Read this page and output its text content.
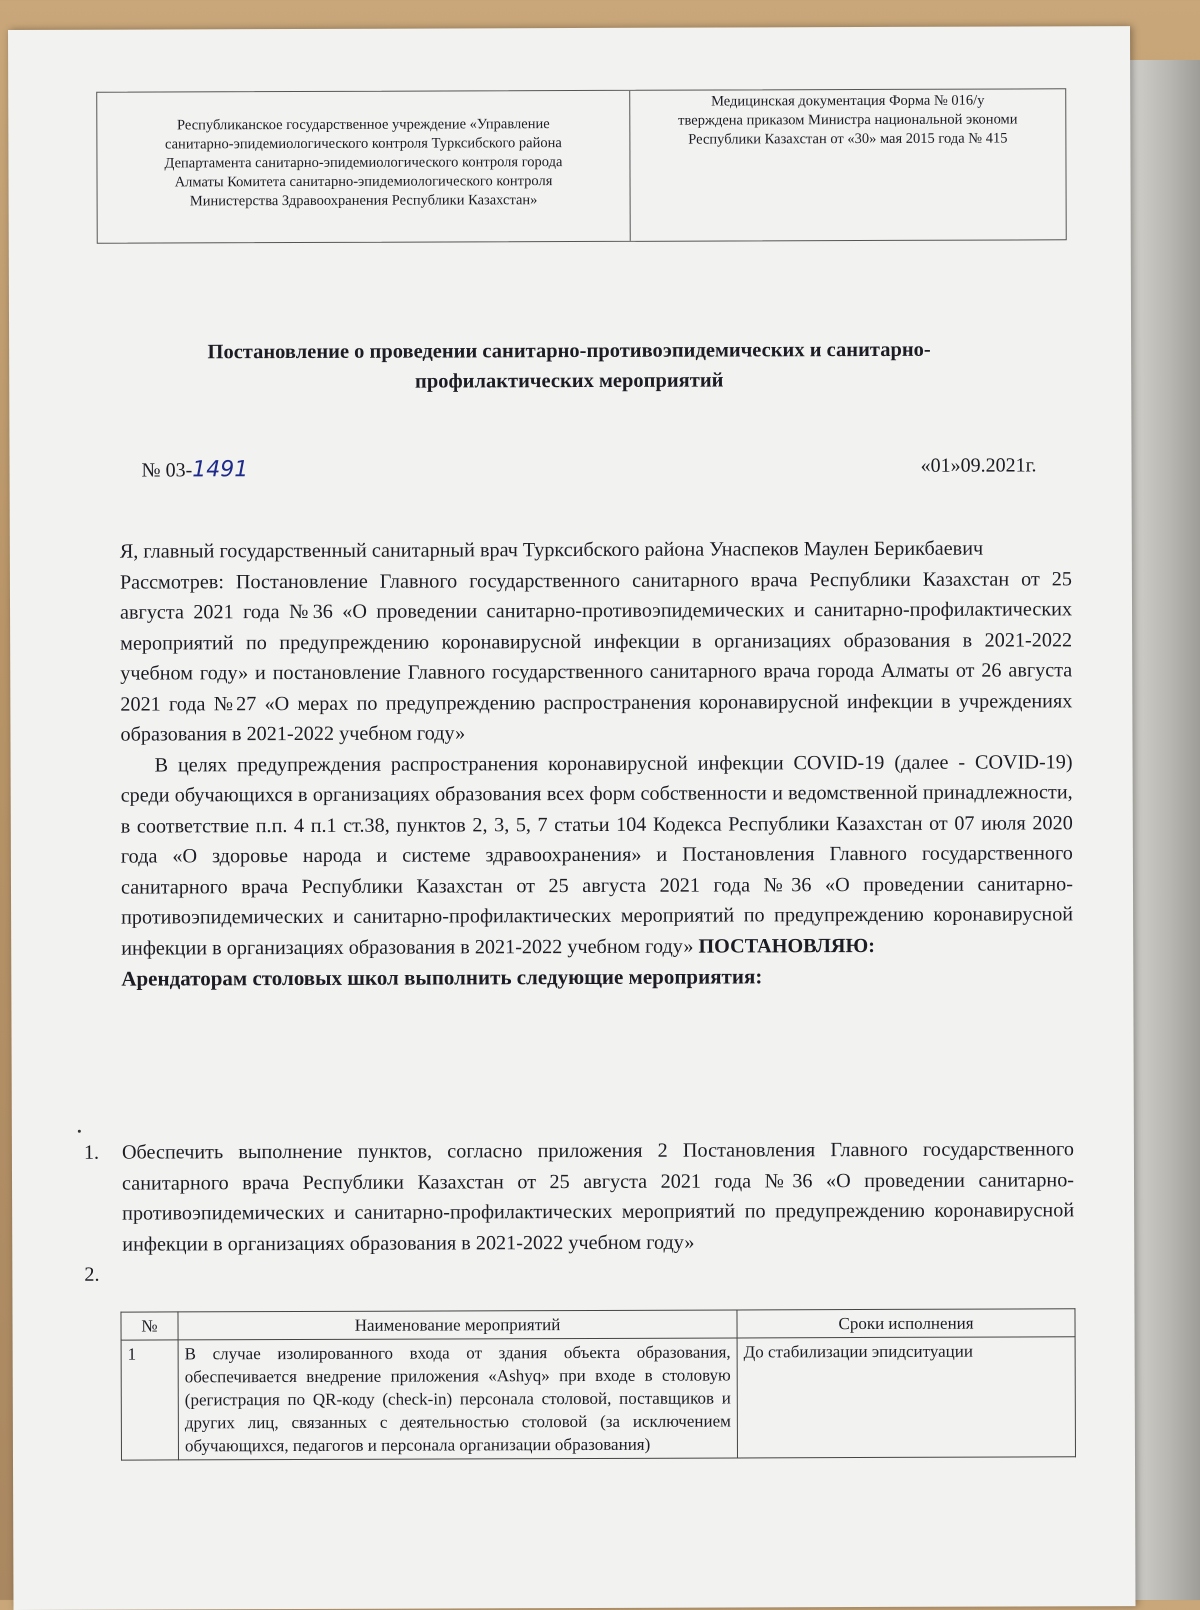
Республиканское государственное учреждение «Управление
санитарно-эпидемиологического контроля Турксибского района
Департамента санитарно-эпидемиологического контроля города
Алматы Комитета санитарно-эпидемиологического контроля
Министерства Здравоохранения Республики Казахстан»
Медицинская документация Форма № 016/у
тверждена приказом Министра национальной экономи
Республики Казахстан от «30» мая 2015 года № 415
Постановление о проведении санитарно-противоэпидемических и санитарно-
профилактических мероприятий
№ 03-1491	«01»09.2021г.

Я, главный государственный санитарный врач Турксибского района Унаспеков Маулен Берикбаевич

Рассмотрев: Постановление Главного государственного санитарного врача Республики Казахстан от 25 августа 2021 года №36 «О проведении санитарно-противоэпидемических и санитарно-профилактических мероприятий по предупреждению коронавирусной инфекции в организациях образования в 2021-2022 учебном году» и постановление Главного государственного санитарного врача города Алматы от 26 августа 2021 года №27 «О мерах по предупреждению распространения коронавирусной инфекции в учреждениях образования в 2021-2022 учебном году»

В целях предупреждения распространения коронавирусной инфекции COVID-19 (далее - COVID-19) среди обучающихся в организациях образования всех форм собственности и ведомственной принадлежности, в соответствие п.п. 4 п.1 ст.38, пунктов 2, 3, 5, 7 статьи 104 Кодекса Республики Казахстан от 07 июля 2020 года «О здоровье народа и системе здравоохранения» и Постановления Главного государственного санитарного врача Республики Казахстан от 25 августа 2021 года №36 «О проведении санитарно-противоэпидемических и санитарно-профилактических мероприятий по предупреждению коронавирусной инфекции в организациях образования в 2021-2022 учебном году» ПОСТАНОВЛЯЮ:

Арендаторам столовых школ выполнить следующие мероприятия:

1.	Обеспечить выполнение пунктов, согласно приложения 2 Постановления Главного государственного санитарного врача Республики Казахстан от 25 августа 2021 года №36 «О проведении санитарно-противоэпидемических и санитарно-профилактических мероприятий по предупреждению коронавирусной инфекции в организациях образования в 2021-2022 учебном году»
2.
№	Наименование мероприятий	Сроки исполнения
1	В случае изолированного входа от здания объекта образования, обеспечивается внедрение приложения «Ashyq» при входе в столовую (регистрация по QR-коду (check-in) персонала столовой, поставщиков и других лиц, связанных с деятельностью столовой (за исключением обучающихся, педагогов и персонала организации образования)	До стабилизации эпидситуации
